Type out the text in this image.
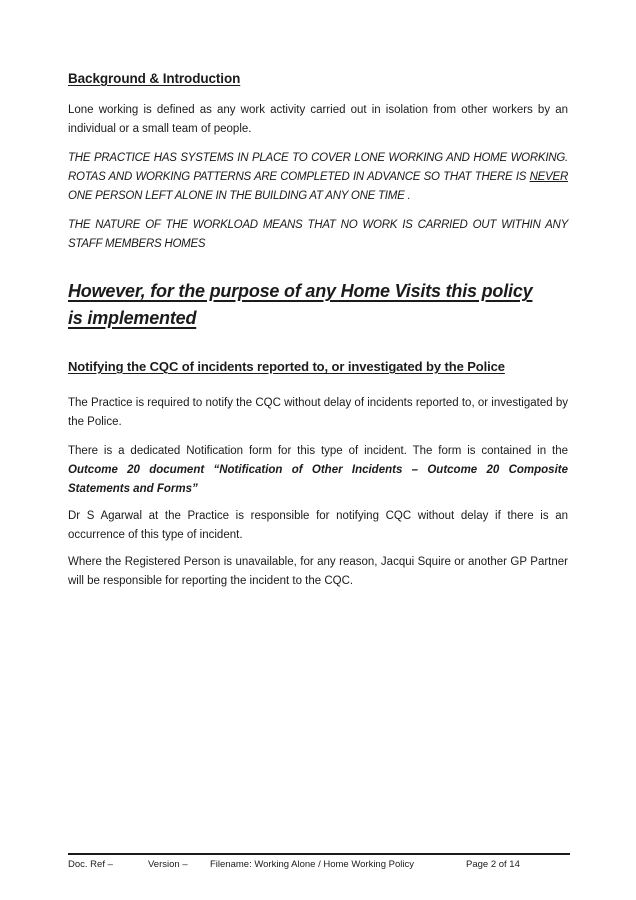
Background & Introduction

Lone working is defined as any work activity carried out in isolation from other workers by an individual or a small team of people.

THE PRACTICE HAS SYSTEMS IN PLACE TO COVER LONE WORKING AND HOME WORKING. ROTAS AND WORKING PATTERNS ARE COMPLETED IN ADVANCE SO THAT THERE IS NEVER ONE PERSON LEFT ALONE IN THE BUILDING AT ANY ONE TIME .

THE NATURE OF THE WORKLOAD MEANS THAT NO WORK IS CARRIED OUT WITHIN ANY STAFF MEMBERS HOMES

However, for the purpose of any Home Visits this policy
is implemented
Notifying the CQC of incidents reported to, or investigated by the Police

The Practice is required to notify the CQC without delay of incidents reported to, or investigated by the Police.

There is a dedicated Notification form for this type of incident. The form is contained in the Outcome 20 document “Notification of Other Incidents – Outcome 20 Composite Statements and Forms”

Dr S Agarwal at the Practice is responsible for notifying CQC without delay if there is an occurrence of this type of incident.

Where the Registered Person is unavailable, for any reason, Jacqui Squire or another GP Partner will be responsible for reporting the incident to the CQC.

Doc. Ref –	Version – Filename: Working Alone / Home Working Policy	Page 2 of 14
